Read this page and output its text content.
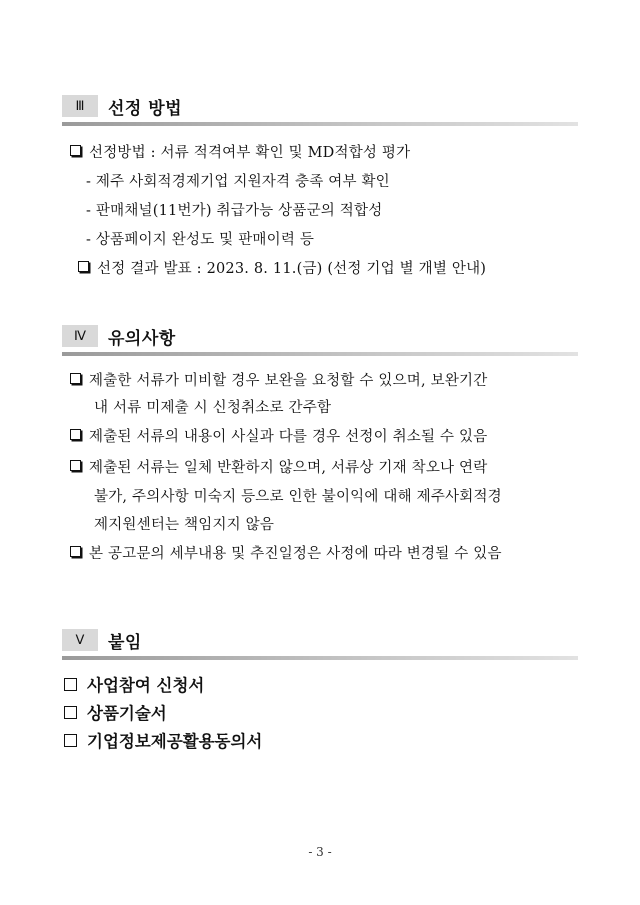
Ⅲ	선정 방법
선정방법 : 서류 적격여부 확인 및 MD적합성 평가
- 제주 사회적경제기업 지원자격 충족 여부 확인
- 판매채널(11번가) 취급가능 상품군의 적합성
- 상품페이지 완성도 및 판매이력 등
선정 결과 발표 : 2023. 8. 11.(금) (선정 기업 별 개별 안내)
Ⅳ	유의사항
제출한 서류가 미비할 경우 보완을 요청할 수 있으며, 보완기간
내 서류 미제출 시 신청취소로 간주함
제출된 서류의 내용이 사실과 다를 경우 선정이 취소될 수 있음
제출된 서류는 일체 반환하지 않으며, 서류상 기재 착오나 연락
불가, 주의사항 미숙지 등으로 인한 불이익에 대해 제주사회적경
제지원센터는 책임지지 않음
본 공고문의 세부내용 및 추진일정은 사정에 따라 변경될 수 있음
Ⅴ	붙임
사업참여 신청서
상품기술서
기업정보제공활용동의서
- 3 -
